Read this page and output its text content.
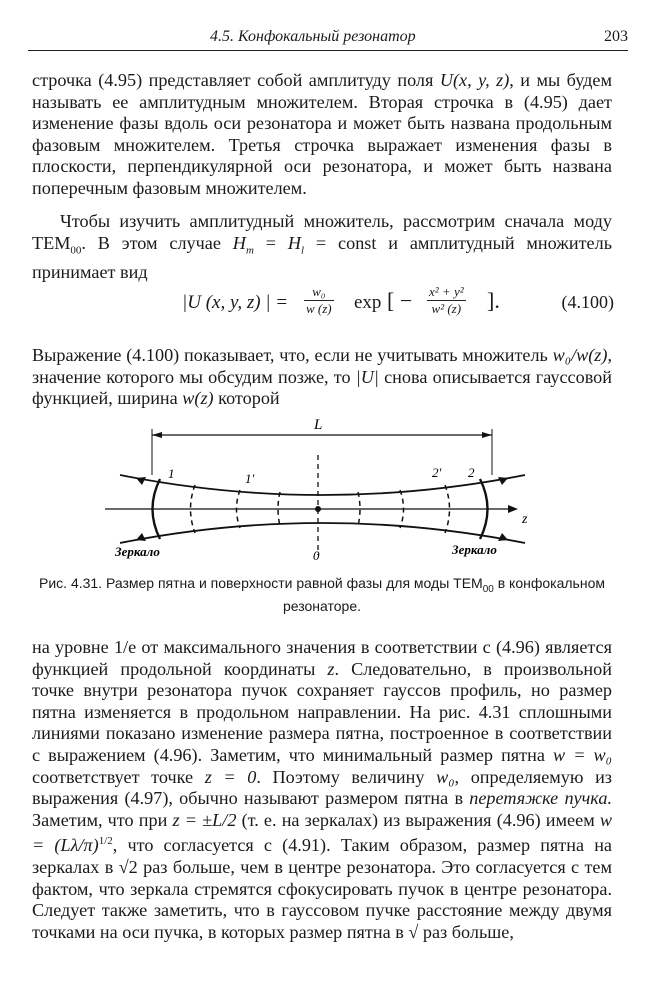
4.5. Конфокальный резонатор	203

строчка (4.95) представляет собой амплитуду поля U(x, y, z), и мы будем называть ее амплитудным множителем. Вторая строчка в (4.95) дает изменение фазы вдоль оси резонатора и может быть названа продольным фазовым множителем. Третья строчка выражает изменения фазы в плоскости, перпендикулярной оси резонатора, и может быть названа поперечным фазовым множителем.

Чтобы изучить амплитудный множитель, рассмотрим сначала моду $TEM_{00}$. В этом случае $H_m = H_l$ = const и амплитудный множитель принимает вид

|U (x, y, z) | = $\frac{\text{w₀}}{w (z)}$ exp [ − $\frac{\text{x² + y²}}{\text{w² (z)}}$ ].	(4.100)

Выражение (4.100) показывает, что, если не учитывать множитель w₀/w(z), значение которого мы обсудим позже, то |U| снова описывается гауссовой функцией, ширина w(z) которой

L
z
1	1′	2′ 2
0
Зеркало	Зеркало
Рис. 4.31. Размер пятна и поверхности равной фазы для моды $TEM_{00}$ в конфокальном резонаторе.

на уровне 1/e от максимального значения в соответствии с (4.96) является функцией продольной координаты z. Следовательно, в произвольной точке внутри резонатора пучок сохраняет гауссов профиль, но размер пятна изменяется в продольном направлении. На рис. 4.31 сплошными линиями показано изменение размера пятна, построенное в соответствии с выражением (4.96). Заметим, что минимальный размер пятна w = w₀ соответствует точке z = 0. Поэтому величину w₀, определяемую из выражения (4.97), обычно называют размером пятна в перетяжке пучка. Заметим, что при z = ±L/2 (т. е. на зеркалах) из выражения (4.96) имеем $w = (L\lambda/\pi)^{1/2}$, что согласуется с (4.91). Таким образом, размер пятна на зеркалах в √2 раз больше, чем в центре резонатора. Это согласуется с тем фактом, что зеркала стремятся сфокусировать пучок в центре резонатора. Следует также заметить, что в гауссовом пучке расстояние между двумя точками на оси пучка, в которых размер пятна в √ раз больше,
